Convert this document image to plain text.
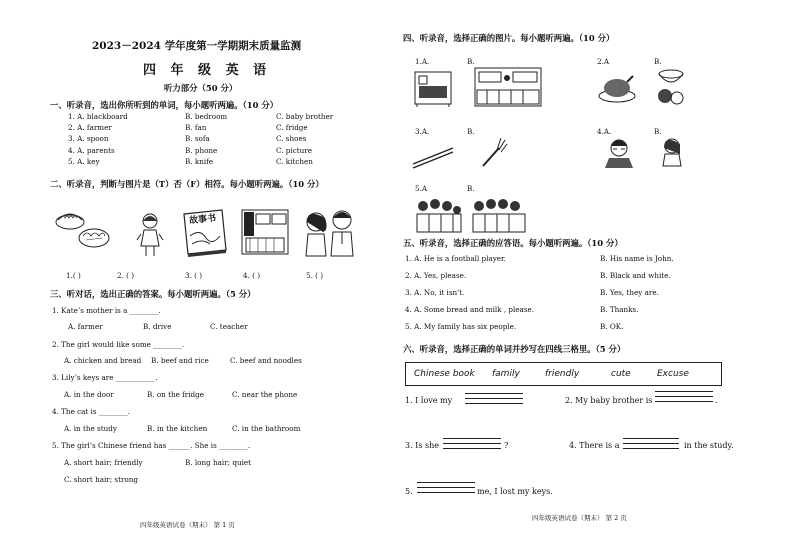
2023－2024 学年度第一学期期末质量监测
四 年 级 英 语
听力部分（50 分）
一、听录音，选出你所听到的单词，每小题听两遍。（10 分）
1. A. blackboard	B. bedroom	C. baby brother
2. A. farmer	B. fan	C. fridge
3. A. spoon	B. sofa	C. shoes
4. A. parents	B. phone	C. picture
5. A. key	B. knife	C. kitchen
二、听录音，判断与图片是（T）否（F）相符。每小题听两遍。（10 分）
故事书
1.( )	2. ( )	3. ( )	4. ( )	5. ( )
三、听对话，选出正确的答案。每小题听两遍。（5 分）
1. Kate’s mother is a ________.
A. farmer	B. drive	C. teacher
2. The girl would like some ________.
A. chicken and bread B. beef and rice	C. beef and noodles
3. Lily’s keys are ___________.
A. in the door	B. on the fridge	C. near the phone
4. The cat is ________.
A. in the study	B. in the kitchen	C. in the bathroom
5. The girl’s Chinese friend has ______. She is ________.
A. short hair; friendly	B. long hair; quiet
C. short hair; strong
四年级英语试卷（期末） 第 1 页
四、听录音，选择正确的图片。每小题听两遍。（10 分）
1.A.	B.	2.A	B.
3.A.	B.	4.A.	B.
5.A	B.
五、听录音，选择正确的应答语。每小题听两遍。（10 分）
1. A. He is a football player.	B. His name is John.
2. A. Yes, please.	B. Black and white.
3. A. No, it isn't.	B. Yes, they are.
4. A. Some bread and milk , please.	B. Thanks.
5. A. My family has six people.	B. OK.
六、听录音，选择正确的单词并抄写在四线三格里。（5 分）
Chinese book family	friendly	cute	Excuse
1. I love my	2. My baby brother is	.
3. Is she	?	4. There is a	in the study.
5.	me, I lost my keys.
四年级英语试卷（期末） 第 2 页
